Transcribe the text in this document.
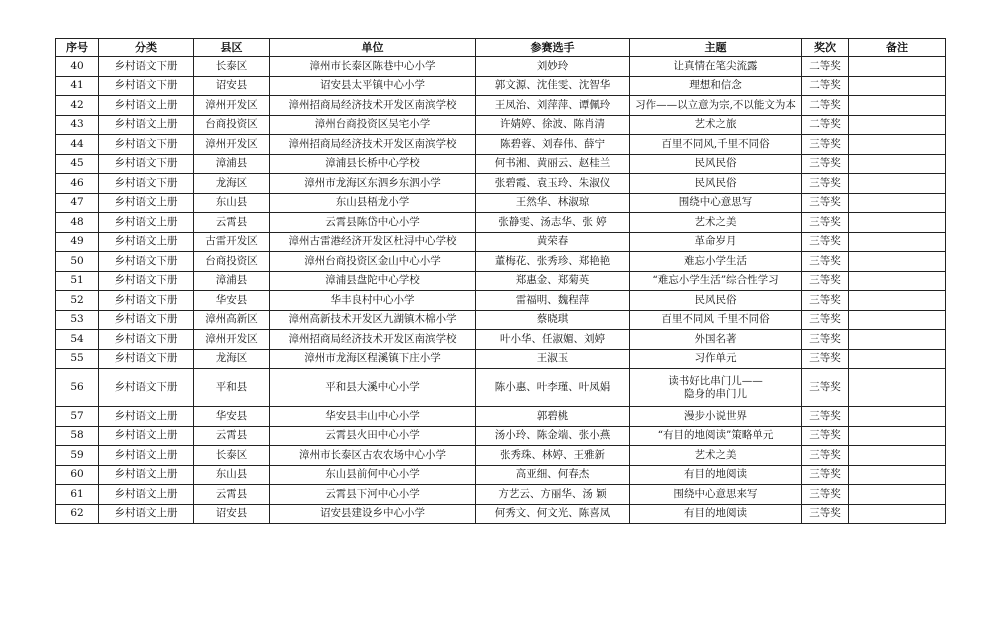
序号	分类	县区	单位	参赛选手	主题	奖次	备注
40	乡村语文下册	长泰区	漳州市长泰区陈巷中心小学	刘妙玲	让真情在笔尖流露	二等奖	
41	乡村语文下册	诏安县	诏安县太平镇中心小学	郭文源、沈佳雯、沈智华	理想和信念	二等奖	
42	乡村语文上册	漳州开发区	漳州招商局经济技术开发区南滨学校	王凤治、刘萍萍、谭佩玲	习作——以立意为宗,不以能文为本	二等奖	
43	乡村语文上册	台商投资区	漳州台商投资区吴宅小学	许婧婷、徐波、陈肖清	艺术之旅	二等奖	
44	乡村语文下册	漳州开发区	漳州招商局经济技术开发区南滨学校	陈碧蓉、刘春伟、薛宁	百里不同风,千里不同俗	三等奖	
45	乡村语文下册	漳浦县	漳浦县长桥中心学校	何书湘、黄丽云、赵桂兰	民风民俗	三等奖	
46	乡村语文下册	龙海区	漳州市龙海区东泗乡东泗小学	张碧霞、袁玉玲、朱淑仪	民风民俗	三等奖	
47	乡村语文上册	东山县	东山县梧龙小学	王然华、林淑琼	围绕中心意思写	三等奖	
48	乡村语文上册	云霄县	云霄县陈岱中心小学	张静雯、汤志华、张 婷	艺术之美	三等奖	
49	乡村语文上册	古雷开发区	漳州古雷港经济开发区杜浔中心学校	黄荣春	革命岁月	三等奖	
50	乡村语文下册	台商投资区	漳州台商投资区金山中心小学	董梅花、张秀珍、郑艳艳	难忘小学生活	三等奖	
51	乡村语文下册	漳浦县	漳浦县盘陀中心学校	郑惠金、郑菊英	“难忘小学生活”综合性学习	三等奖	
52	乡村语文下册	华安县	华丰良村中心小学	雷福明、魏程萍	民风民俗	三等奖	
53	乡村语文下册	漳州高新区	漳州高新技术开发区九湖镇木棉小学	蔡晓琪	百里不同风 千里不同俗	三等奖	
54	乡村语文下册	漳州开发区	漳州招商局经济技术开发区南滨学校	叶小华、任淑媚、刘婷	外国名著	三等奖	
55	乡村语文下册	龙海区	漳州市龙海区程溪镇下庄小学	王淑玉	习作单元	三等奖	
56	乡村语文下册	平和县	平和县大溪中心小学	陈小惠、叶李瑾、叶凤娟	读书好比串门儿——
隐身的串门儿	三等奖	
57	乡村语文上册	华安县	华安县丰山中心小学	郭碧桃	漫步小说世界	三等奖	
58	乡村语文上册	云霄县	云霄县火田中心小学	汤小玲、陈金端、张小燕	“有目的地阅读”策略单元	三等奖	
59	乡村语文上册	长泰区	漳州市长泰区古农农场中心小学	张秀珠、林婷、王雅新	艺术之美	三等奖	
60	乡村语文上册	东山县	东山县前何中心小学	高亚细、何春杰	有目的地阅读	三等奖	
61	乡村语文上册	云霄县	云霄县下河中心小学	方艺云、方丽华、汤 颖	围绕中心意思来写	三等奖	
62	乡村语文上册	诏安县	诏安县建设乡中心小学	何秀文、何文光、陈喜凤	有目的地阅读	三等奖	
